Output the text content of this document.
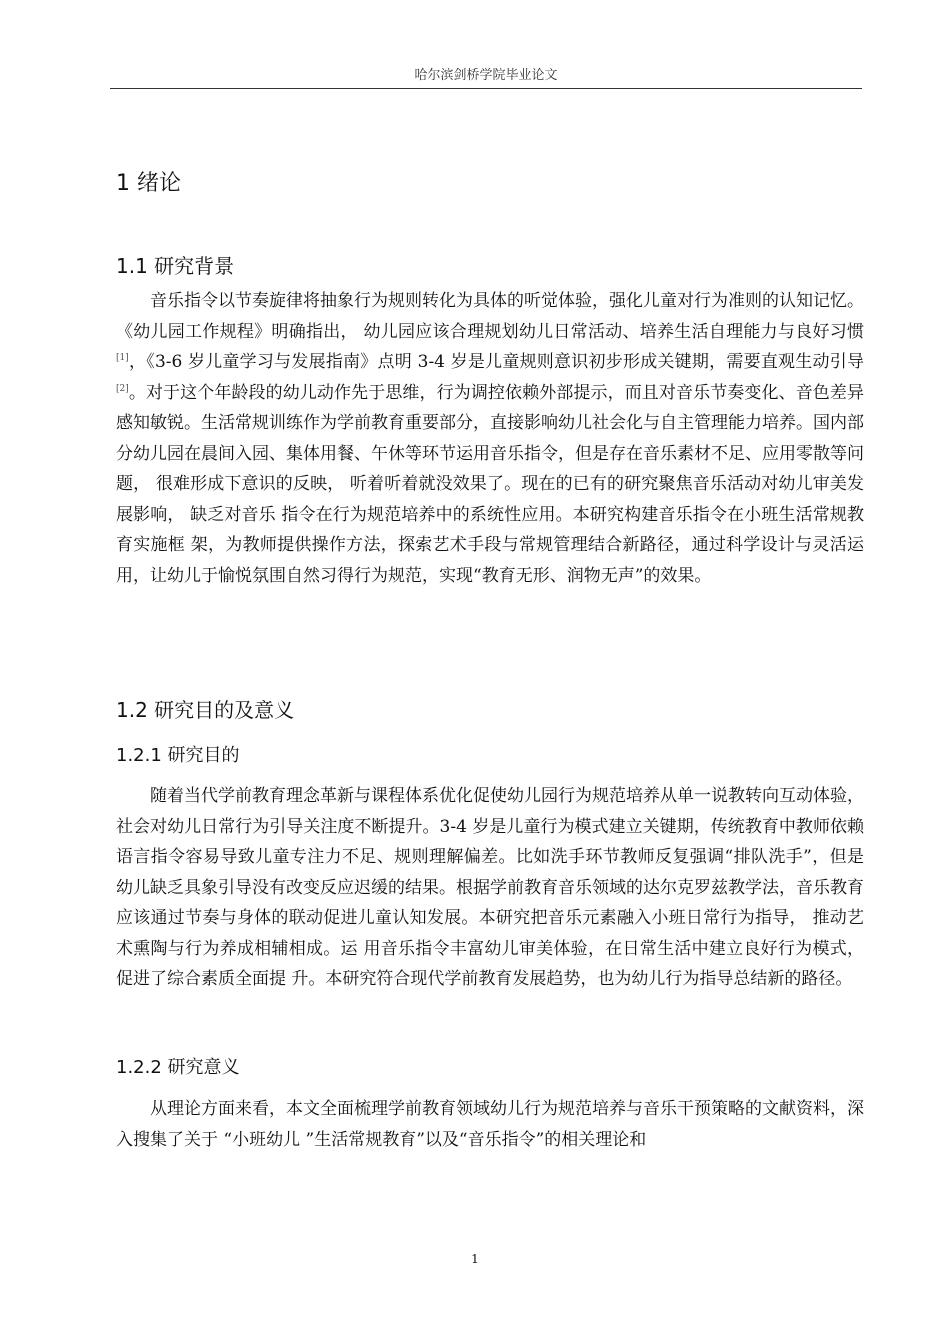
哈尔滨剑桥学院毕业论文
1 绪论
1.1 研究背景

音乐指令以节奏旋律将抽象行为规则转化为具体的听觉体验，强化儿童对行为准则的认知记忆。《幼儿园工作规程》明确指出， 幼儿园应该合理规划幼儿日常活动、培养生活自理能力与良好习惯[1]，《3-6 岁儿童学习与发展指南》点明 3-4 岁是儿童规则意识初步形成关键期，需要直观生动引导[2]。对于这个年龄段的幼儿动作先于思维，行为调控依赖外部提示，而且对音乐节奏变化、音色差异感知敏锐。生活常规训练作为学前教育重要部分，直接影响幼儿社会化与自主管理能力培养。国内部分幼儿园在晨间入园、集体用餐、午休等环节运用音乐指令，但是存在音乐素材不足、应用零散等问题， 很难形成下意识的反映， 听着听着就没效果了。现在的已有的研究聚焦音乐活动对幼儿审美发展影响， 缺乏对音乐 指令在行为规范培养中的系统性应用。本研究构建音乐指令在小班生活常规教育实施框 架，为教师提供操作方法，探索艺术手段与常规管理结合新路径，通过科学设计与灵活运 用，让幼儿于愉悦氛围自然习得行为规范，实现“教育无形、润物无声”的效果。

1.2 研究目的及意义
1.2.1 研究目的

随着当代学前教育理念革新与课程体系优化促使幼儿园行为规范培养从单一说教转向互动体验，社会对幼儿日常行为引导关注度不断提升。3-4 岁是儿童行为模式建立关键期，传统教育中教师依赖语言指令容易导致儿童专注力不足、规则理解偏差。比如洗手环节教师反复强调“排队洗手”，但是幼儿缺乏具象引导没有改变反应迟缓的结果。根据学前教育音乐领域的达尔克罗兹教学法，音乐教育应该通过节奏与身体的联动促进儿童认知发展。本研究把音乐元素融入小班日常行为指导， 推动艺术熏陶与行为养成相辅相成。运 用音乐指令丰富幼儿审美体验，在日常生活中建立良好行为模式，促进了综合素质全面提 升。本研究符合现代学前教育发展趋势，也为幼儿行为指导总结新的路径。

1.2.2 研究意义

从理论方面来看，本文全面梳理学前教育领域幼儿行为规范培养与音乐干预策略的文献资料，深入搜集了关于 “小班幼儿 ”生活常规教育”以及“音乐指令”的相关理论和

1
